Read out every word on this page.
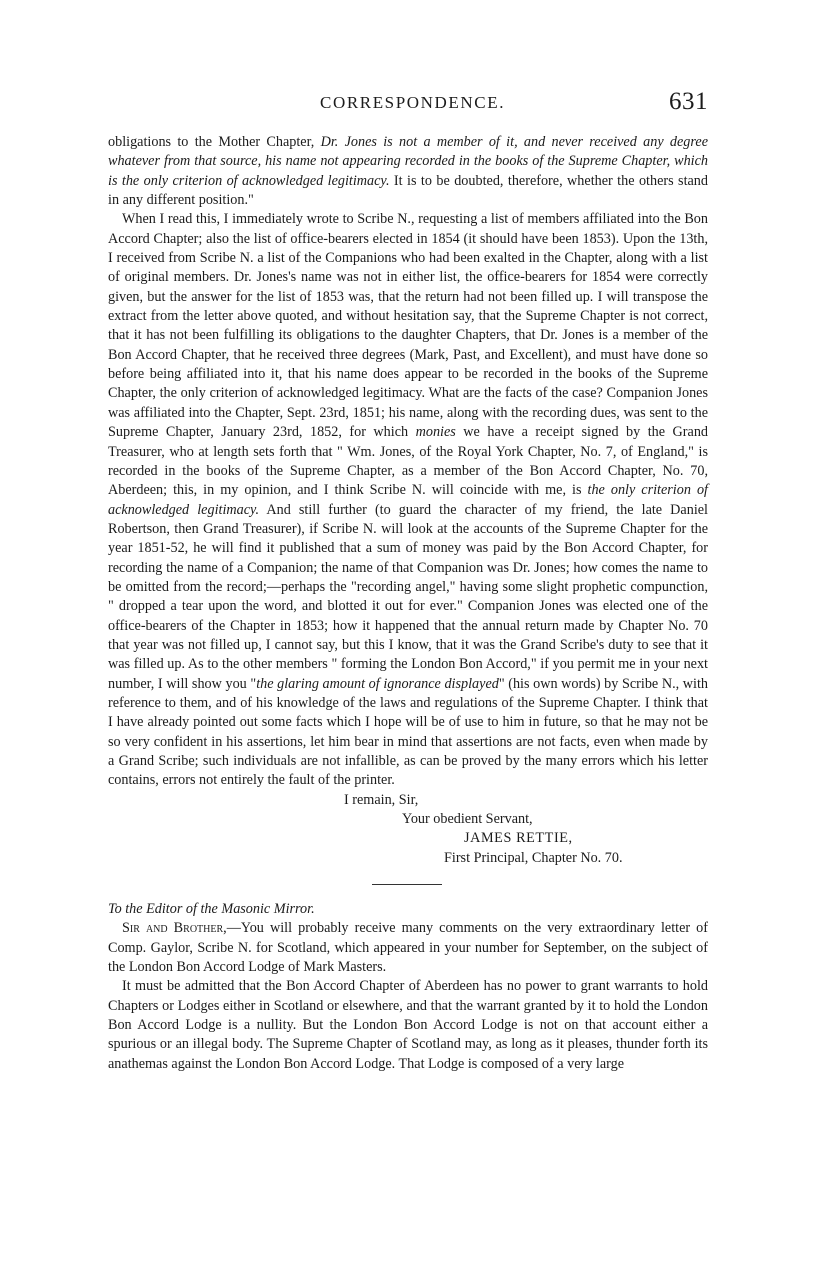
CORRESPONDENCE.	631

obligations to the Mother Chapter, Dr. Jones is not a member of it, and never received any degree whatever from that source, his name not appearing recorded in the books of the Supreme Chapter, which is the only criterion of acknowledged legitimacy. It is to be doubted, therefore, whether the others stand in any different position."

When I read this, I immediately wrote to Scribe N., requesting a list of members affiliated into the Bon Accord Chapter; also the list of office-bearers elected in 1854 (it should have been 1853). Upon the 13th, I received from Scribe N. a list of the Companions who had been exalted in the Chapter, along with a list of original members. Dr. Jones's name was not in either list, the office-bearers for 1854 were correctly given, but the answer for the list of 1853 was, that the return had not been filled up. I will transpose the extract from the letter above quoted, and without hesitation say, that the Supreme Chapter is not correct, that it has not been fulfilling its obligations to the daughter Chapters, that Dr. Jones is a member of the Bon Accord Chapter, that he received three degrees (Mark, Past, and Excellent), and must have done so before being affiliated into it, that his name does appear to be recorded in the books of the Supreme Chapter, the only criterion of acknowledged legitimacy. What are the facts of the case? Companion Jones was affiliated into the Chapter, Sept. 23rd, 1851; his name, along with the recording dues, was sent to the Supreme Chapter, January 23rd, 1852, for which monies we have a receipt signed by the Grand Treasurer, who at length sets forth that " Wm. Jones, of the Royal York Chapter, No. 7, of England," is recorded in the books of the Supreme Chapter, as a member of the Bon Accord Chapter, No. 70, Aberdeen; this, in my opinion, and I think Scribe N. will coincide with me, is the only criterion of acknowledged legitimacy. And still further (to guard the character of my friend, the late Daniel Robertson, then Grand Treasurer), if Scribe N. will look at the accounts of the Supreme Chapter for the year 1851-52, he will find it published that a sum of money was paid by the Bon Accord Chapter, for recording the name of a Companion; the name of that Companion was Dr. Jones; how comes the name to be omitted from the record;—perhaps the "recording angel," having some slight prophetic compunction, " dropped a tear upon the word, and blotted it out for ever." Companion Jones was elected one of the office-bearers of the Chapter in 1853; how it happened that the annual return made by Chapter No. 70 that year was not filled up, I cannot say, but this I know, that it was the Grand Scribe's duty to see that it was filled up. As to the other members " forming the London Bon Accord," if you permit me in your next number, I will show you "the glaring amount of ignorance displayed" (his own words) by Scribe N., with reference to them, and of his knowledge of the laws and regulations of the Supreme Chapter. I think that I have already pointed out some facts which I hope will be of use to him in future, so that he may not be so very confident in his assertions, let him bear in mind that assertions are not facts, even when made by a Grand Scribe; such individuals are not infallible, as can be proved by the many errors which his letter contains, errors not entirely the fault of the printer.

I remain, Sir,

Your obedient Servant,

JAMES RETTIE,

First Principal, Chapter No. 70.

To the Editor of the Masonic Mirror.

Sir and Brother,—You will probably receive many comments on the very extraordinary letter of Comp. Gaylor, Scribe N. for Scotland, which appeared in your number for September, on the subject of the London Bon Accord Lodge of Mark Masters.

It must be admitted that the Bon Accord Chapter of Aberdeen has no power to grant warrants to hold Chapters or Lodges either in Scotland or elsewhere, and that the warrant granted by it to hold the London Bon Accord Lodge is a nullity. But the London Bon Accord Lodge is not on that account either a spurious or an illegal body. The Supreme Chapter of Scotland may, as long as it pleases, thunder forth its anathemas against the London Bon Accord Lodge. That Lodge is composed of a very large
